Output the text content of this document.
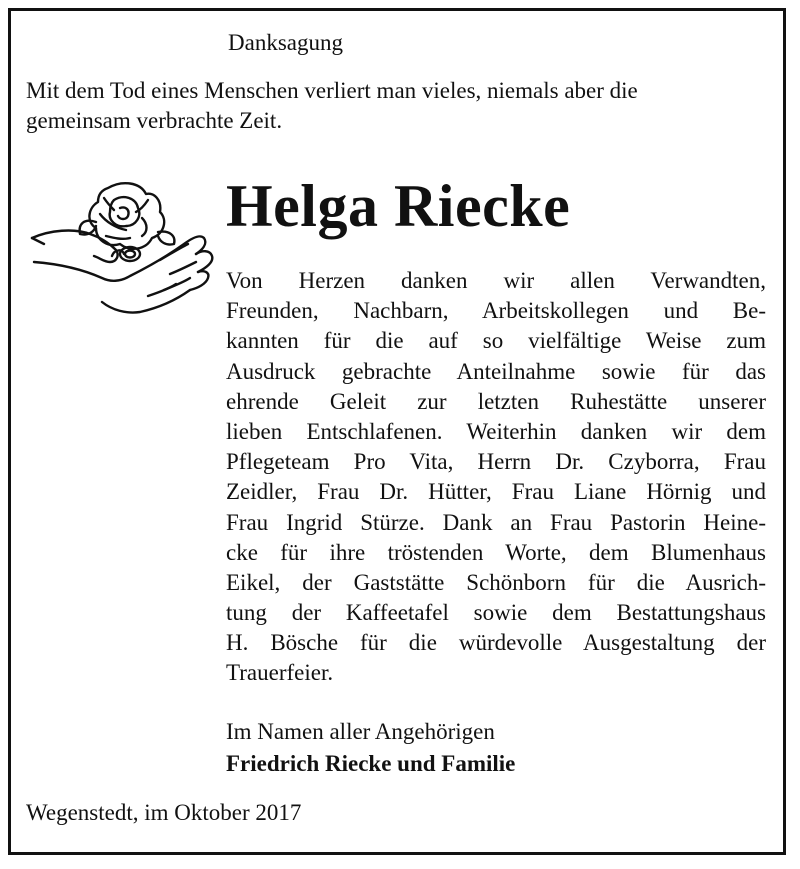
Danksagung
Mit dem Tod eines Menschen verliert man vieles, niemals aber die
gemeinsam verbrachte Zeit.
Helga Riecke
Von Herzen danken wir allen Verwandten,
Freunden, Nachbarn, Arbeitskollegen und Be-
kannten für die auf so vielfältige Weise zum
Ausdruck gebrachte Anteilnahme sowie für das
ehrende Geleit zur letzten Ruhestätte unserer
lieben Entschlafenen. Weiterhin danken wir dem
Pflegeteam Pro Vita, Herrn Dr. Czyborra, Frau
Zeidler, Frau Dr. Hütter, Frau Liane Hörnig und
Frau Ingrid Stürze. Dank an Frau Pastorin Heine-
cke für ihre tröstenden Worte, dem Blumenhaus
Eikel, der Gaststätte Schönborn für die Ausrich-
tung der Kaffeetafel sowie dem Bestattungshaus
H. Bösche für die würdevolle Ausgestaltung der
Trauerfeier.
Im Namen aller Angehörigen
Friedrich Riecke und Familie
Wegenstedt, im Oktober 2017
